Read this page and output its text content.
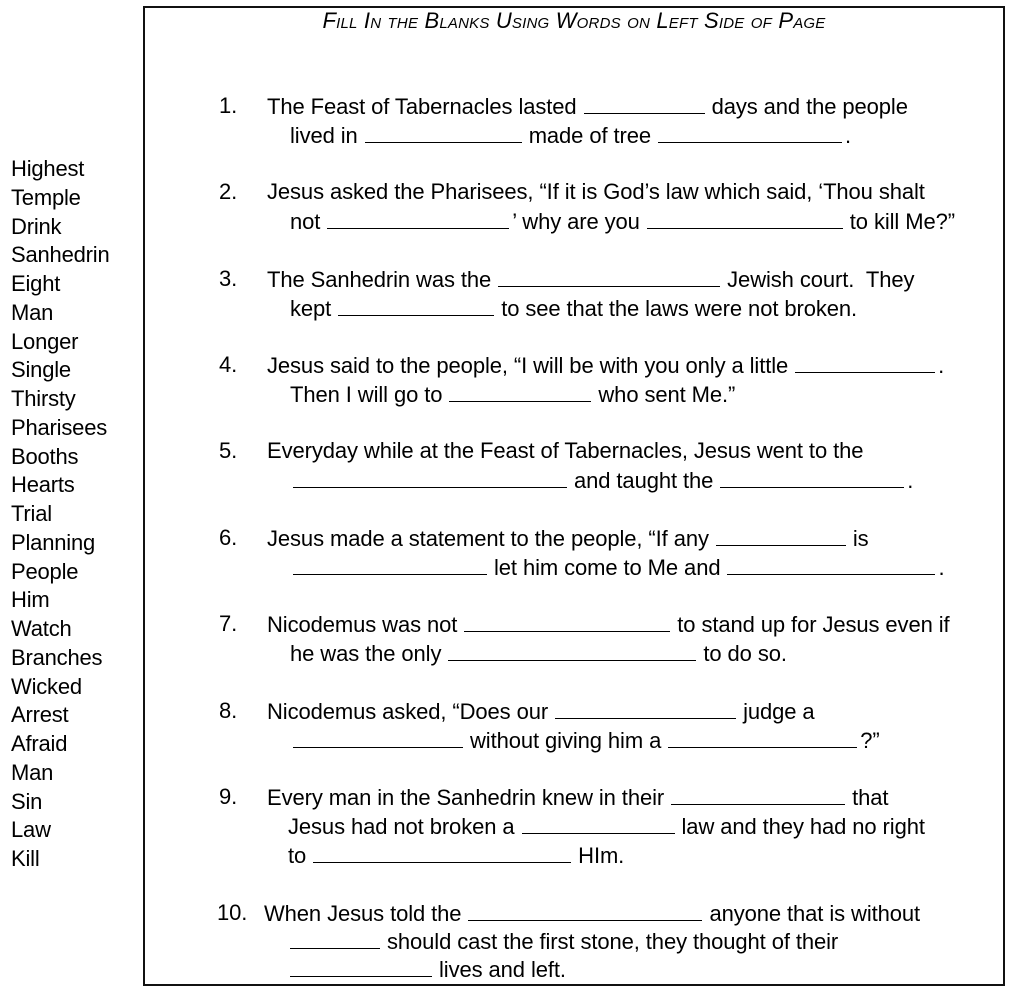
Fill In the Blanks Using Words on Left Side of Page
Highest
Temple
Drink
Sanhedrin
Eight
Man
Longer
Single
Thirsty
Pharisees
Booths
Hearts
Trial
Planning
People
Him
Watch
Branches
Wicked
Arrest
Afraid
Man
Sin
Law
Kill
1. The Feast of Tabernacles lasted	days and the people
lived in	made of tree	.
2. Jesus asked the Pharisees, “If it is God’s law which said, ‘Thou shalt
not	’ why are you	to kill Me?”
3. The Sanhedrin was the	Jewish court.  They
kept	to see that the laws were not broken.
4. Jesus said to the people, “I will be with you only a little	.
Then I will go to	who sent Me.”
5. Everyday while at the Feast of Tabernacles, Jesus went to the
and taught the	.
6. Jesus made a statement to the people, “If any	is
let him come to Me and	.
7. Nicodemus was not	to stand up for Jesus even if
he was the only	to do so.
8. Nicodemus asked, “Does our	judge a
without giving him a	?”
9. Every man in the Sanhedrin knew in their	that
Jesus had not broken a	law and they had no right
to	HIm.
10. When Jesus told the	anyone that is without
should cast the first stone, they thought of their
lives and left.
